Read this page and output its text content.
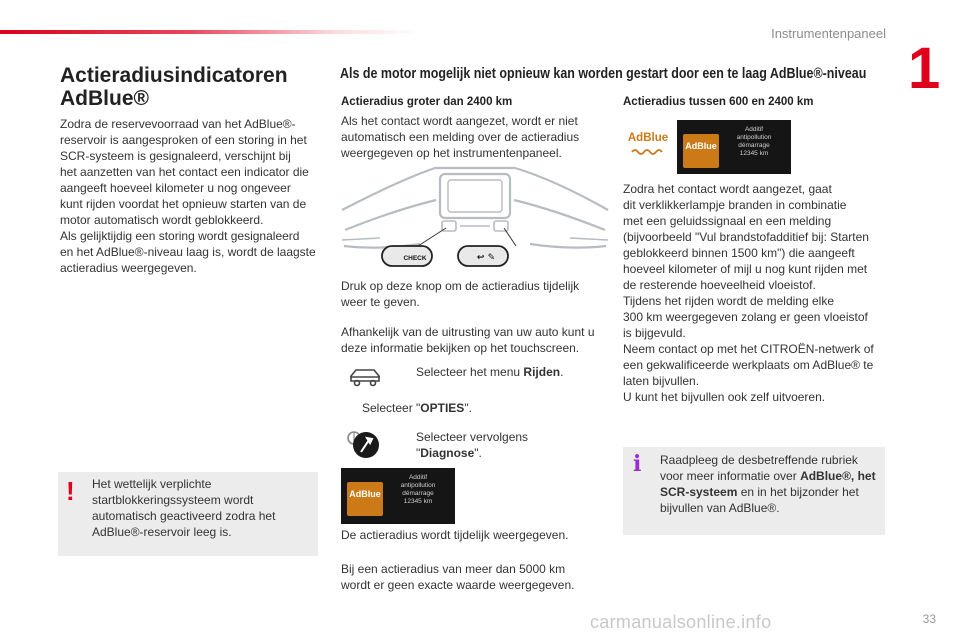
Instrumentenpaneel
1
Actieradiusindicatoren
AdBlue®
Zodra de reservevoorraad van het AdBlue®-
reservoir is aangesproken of een storing in het
SCR-systeem is gesignaleerd, verschijnt bij
het aanzetten van het contact een indicator die
aangeeft hoeveel kilometer u nog ongeveer
kunt rijden voordat het opnieuw starten van de
motor automatisch wordt geblokkeerd.
Als gelijktijdig een storing wordt gesignaleerd
en het AdBlue®-niveau laag is, wordt de laagste
actieradius weergegeven.
! Het wettelijk verplichte
startblokkeringssysteem wordt
automatisch geactiveerd zodra het
AdBlue®-reservoir leeg is.
Als de motor mogelijk niet opnieuw kan worden gestart door een te laag AdBlue®-niveau
Actieradius groter dan 2400 km
Als het contact wordt aangezet, wordt er niet
automatisch een melding over de actieradius
weergegeven op het instrumentenpaneel.
CHECK	↩ ✎
Druk op deze knop om de actieradius tijdelijk
weer te geven.
Afhankelijk van de uitrusting van uw auto kunt u
deze informatie bekijken op het touchscreen.
Selecteer het menu Rijden.
Selecteer "OPTIES".
Selecteer vervolgens
"Diagnose".
AdBlue
Additif
antipollution
démarrage
12345 km
De actieradius wordt tijdelijk weergegeven.
Bij een actieradius van meer dan 5000 km
wordt er geen exacte waarde weergegeven.
Actieradius tussen 600 en 2400 km
AdBlue
AdBlue
Additif
antipollution
démarrage
12345 km
Zodra het contact wordt aangezet, gaat
dit verklikkerlampje branden in combinatie
met een geluidssignaal en een melding
(bijvoorbeeld "Vul brandstofadditief bij: Starten
geblokkeerd binnen 1500 km") die aangeeft
hoeveel kilometer of mijl u nog kunt rijden met
de resterende hoeveelheid vloeistof.
Tijdens het rijden wordt de melding elke
300 km weergegeven zolang er geen vloeistof
is bijgevuld.
Neem contact op met het CITROËN-netwerk of
een gekwalificeerde werkplaats om AdBlue® te
laten bijvullen.
U kunt het bijvullen ook zelf uitvoeren.
i Raadpleeg de desbetreffende rubriek
voor meer informatie over AdBlue®, het
SCR-systeem en in het bijzonder het
bijvullen van AdBlue®.
carmanualsonline.info	33
